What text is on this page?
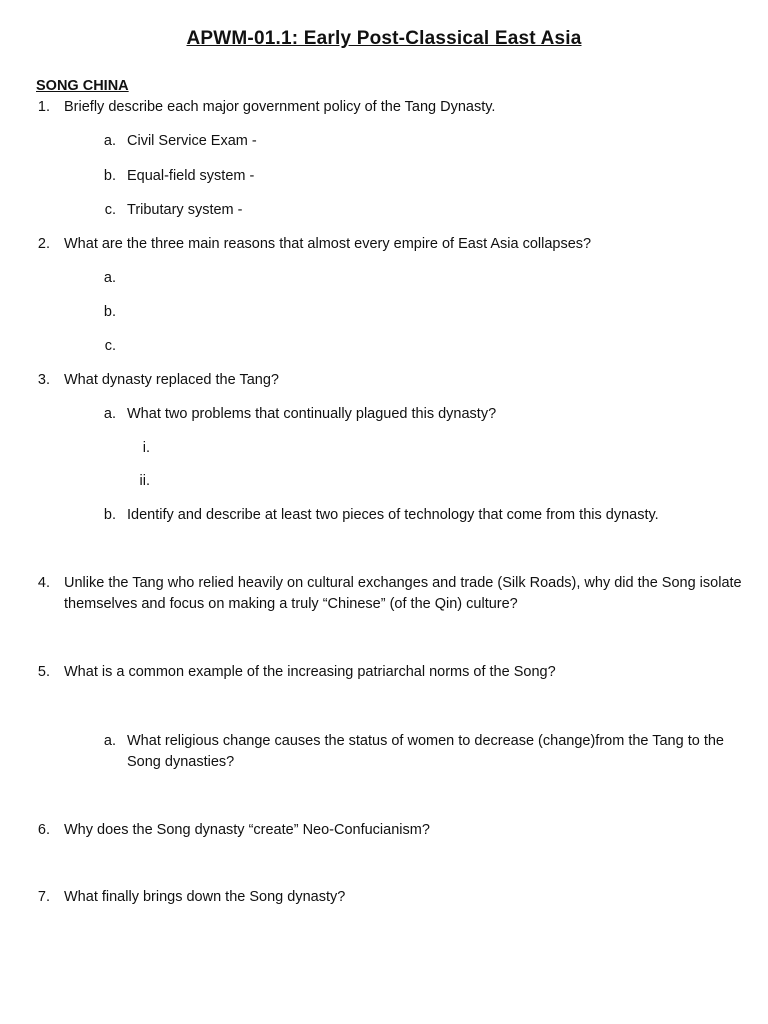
APWM-01.1: Early Post-Classical East Asia
SONG CHINA
1. Briefly describe each major government policy of the Tang Dynasty.
a. Civil Service Exam -
b. Equal-field system -
c. Tributary system -
2. What are the three main reasons that almost every empire of East Asia collapses?
a.
b.
c.
3. What dynasty replaced the Tang?
a. What two problems that continually plagued this dynasty?
i.
ii.
b. Identify and describe at least two pieces of technology that come from this dynasty.
4. Unlike the Tang who relied heavily on cultural exchanges and trade (Silk Roads), why did the Song isolate
themselves and focus on making a truly “Chinese” (of the Qin) culture?
5. What is a common example of the increasing patriarchal norms of the Song?
a. What religious change causes the status of women to decrease (change)from the Tang to the
Song dynasties?
6. Why does the Song dynasty “create” Neo-Confucianism?
7. What finally brings down the Song dynasty?
